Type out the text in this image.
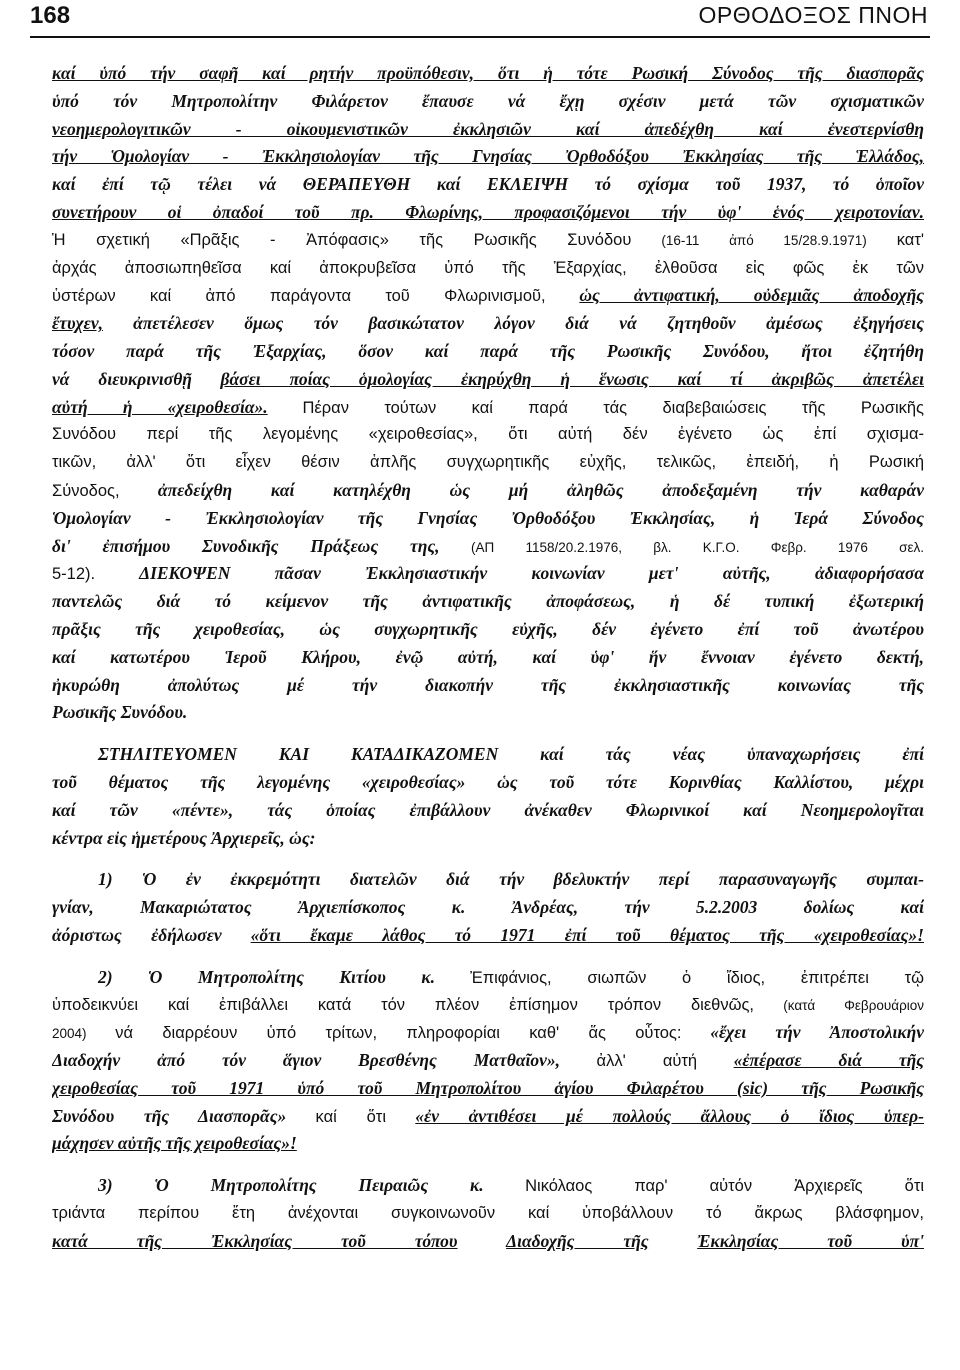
168	ΟΡΘΟΔΟΞΟΣ ΠΝΟΗ
καί ὑπό τήν σαφῆ καί ρητήν προϋπόθεσιν, ὅτι ἡ τότε Ρωσική Σύνοδος τῆς διασπορᾶς
ὑπό τόν Μητροπολίτην Φιλάρετον ἔπαυσε νά ἔχῃ σχέσιν μετά τῶν σχισματικῶν
νεοημερολογιτικῶν - οἰκουμενιστικῶν ἐκκλησιῶν καί ἀπεδέχθη καί ἐνεστερνίσθη
τήν Ὁμολογίαν - Ἐκκλησιολογίαν τῆς Γνησίας Ὀρθοδόξου Ἐκκλησίας τῆς Ἑλλάδος,
καί ἐπί τῷ τέλει νά ΘΕΡΑΠΕΥΘΗ καί ΕΚΛΕΙΨΗ τό σχίσμα τοῦ 1937, τό ὁποῖον
συνετήρουν οἱ ὀπαδοί τοῦ πρ. Φλωρίνης, προφασιζόμενοι τήν ὑφ' ἑνός χειροτονίαν.
Ἡ σχετική «Πρᾶξις - Ἀπόφασις» τῆς Ρωσικῆς Συνόδου (16-11 ἀπό 15/28.9.1971) κατ'
ἀρχάς ἀποσιωπηθεῖσα καί ἀποκρυβεῖσα ὑπό τῆς Ἐξαρχίας, ἐλθοῦσα εἰς φῶς ἐκ τῶν
ὑστέρων καί ἀπό παράγοντα τοῦ Φλωρινισμοῦ, ὡς ἀντιφατική, οὐδεμιᾶς ἀποδοχῆς
ἔτυχεν, ἀπετέλεσεν ὅμως τόν βασικώτατον λόγον διά νά ζητηθοῦν ἀμέσως ἐξηγήσεις
τόσον παρά τῆς Ἐξαρχίας, ὅσον καί παρά τῆς Ρωσικῆς Συνόδου, ἤτοι ἐζητήθη
νά διευκρινισθῇ βάσει ποίας ὁμολογίας ἐκηρύχθη ἡ ἕνωσις καί τί ἀκριβῶς ἀπετέλει
αὐτή ἡ «χειροθεσία». Πέραν τούτων καί παρά τάς διαβεβαιώσεις τῆς Ρωσικῆς
Συνόδου περί τῆς λεγομένης «χειροθεσίας», ὅτι αὐτή δέν ἐγένετο ὡς ἐπί σχισμα-
τικῶν, ἀλλ' ὅτι εἶχεν θέσιν ἁπλῆς συγχωρητικῆς εὐχῆς, τελικῶς, ἐπειδή, ἡ Ρωσική
Σύνοδος, ἀπεδείχθη καί κατηλέχθη ὡς μή ἀληθῶς ἀποδεξαμένη τήν καθαράν
Ὁμολογίαν - Ἐκκλησιολογίαν τῆς Γνησίας Ὀρθοδόξου Ἐκκλησίας, ἡ Ἱερά Σύνοδος
δι' ἐπισήμου Συνοδικῆς Πράξεως της, (ΑΠ 1158/20.2.1976, βλ. Κ.Γ.Ο. Φεβρ. 1976 σελ.
5-12).	ΔΙΕΚΟΨΕΝ πᾶσαν Ἐκκλησιαστικήν κοινωνίαν μετ' αὐτῆς, ἀδιαφορήσασα
παντελῶς διά τό κείμενον τῆς ἀντιφατικῆς ἀποφάσεως, ἡ δέ τυπική ἐξωτερική
πρᾶξις τῆς χειροθεσίας, ὡς συγχωρητικῆς εὐχῆς, δέν ἐγένετο ἐπί τοῦ ἀνωτέρου
καί κατωτέρου Ἱεροῦ Κλήρου, ἐνῷ αὐτή, καί ὑφ' ἥν ἔννοιαν ἐγένετο δεκτή,
ἠκυρώθη ἀπολύτως μέ τήν διακοπήν τῆς ἐκκλησιαστικῆς κοινωνίας τῆς
Ρωσικῆς Συνόδου.
ΣΤΗΛΙΤΕΥΟΜΕΝ ΚΑΙ ΚΑΤΑΔΙΚΑΖΟΜΕΝ καί τάς νέας ὑπαναχωρήσεις ἐπί
τοῦ θέματος τῆς λεγομένης «χειροθεσίας» ὡς τοῦ τότε Κορινθίας Καλλίστου, μέχρι
καί τῶν «πέντε», τάς ὁποίας ἐπιβάλλουν ἀνέκαθεν Φλωρινικοί καί Νεοημερολογῖται
κέντρα εἰς ἡμετέρους Ἀρχιερεῖς, ὡς:
1) Ὁ ἐν ἐκκρεμότητι διατελῶν διά τήν βδελυκτήν περί παρασυναγωγῆς συμπαι-
γνίαν, Μακαριώτατος Ἀρχιεπίσκοπος κ. Ἀνδρέας, τήν 5.2.2003 δολίως καί
ἀόριστως ἐδήλωσεν «ὅτι ἔκαμε λάθος τό 1971 ἐπί τοῦ θέματος τῆς «χειροθεσίας»!
2) Ὁ Μητροπολίτης Κιτίου κ. Ἐπιφάνιος, σιωπῶν ὁ ἴδιος, ἐπιτρέπει τῷ
ὑποδεικνύει καί ἐπιβάλλει κατά τόν πλέον ἐπίσημον τρόπον διεθνῶς, (κατά Φεβρουάριον
2004) νά διαρρέουν ὑπό τρίτων, πληροφορίαι καθ' ἅς οὗτος: «ἔχει τήν Ἀποστολικήν
Διαδοχήν ἀπό τόν ἅγιον Βρεσθένης Ματθαῖον», ἀλλ' αὐτή «ἐπέρασε διά τῆς
χειροθεσίας τοῦ 1971 ὑπό τοῦ Μητροπολίτου ἁγίου Φιλαρέτου (sic) τῆς Ρωσικῆς
Συνόδου τῆς Διασπορᾶς» καί ὅτι «ἐν ἀντιθέσει μέ πολλούς ἄλλους ὁ ἴδιος ὑπερ-
μάχησεν αὐτῆς τῆς χειροθεσίας»!
3) Ὁ Μητροπολίτης Πειραιῶς κ.	Νικόλαος παρ' αὐτόν Ἀρχιερεῖς ὅτι
τριάντα περίπου ἔτη ἀνέχονται συγκοινωνοῦν καί ὑποβάλλουν τό ἄκρως βλάσφημον,
κατά τῆς Ἐκκλησίας τοῦ τόπου	Διαδοχῆς τῆς	Ἐκκλησίας τοῦ ὑπ'
